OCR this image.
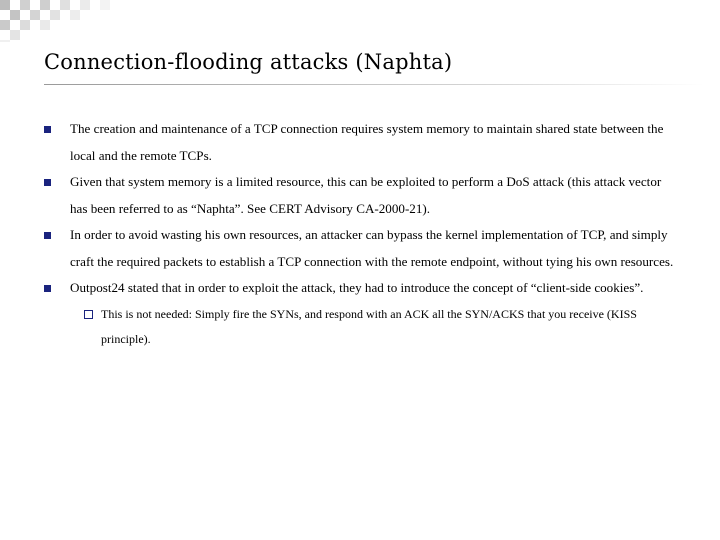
Connection-flooding attacks (Naphta)
The creation and maintenance of a TCP connection requires system memory to maintain shared state between the local and the remote TCPs.
Given that system memory is a limited resource, this can be exploited to perform a DoS attack (this attack vector has been referred to as “Naphta”. See CERT Advisory CA-2000-21).
In order to avoid wasting his own resources, an attacker can bypass the kernel implementation of TCP, and simply craft the required packets to establish a TCP connection with the remote endpoint, without tying his own resources.
Outpost24 stated that in order to exploit the attack, they had to introduce the concept of “client-side cookies”.
This is not needed: Simply fire the SYNs, and respond with an ACK all the SYN/ACKS that you receive (KISS principle).
